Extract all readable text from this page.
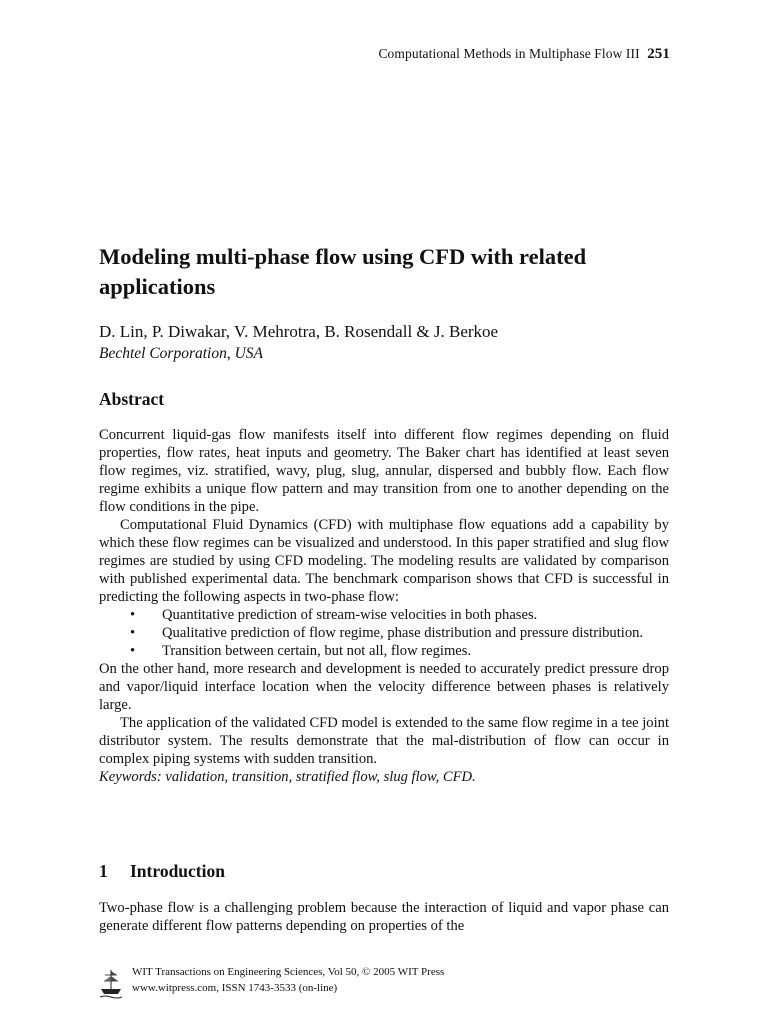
Computational Methods in Multiphase Flow III 251
Modeling multi-phase flow using CFD with related applications
D. Lin, P. Diwakar, V. Mehrotra, B. Rosendall & J. Berkoe
Bechtel Corporation, USA
Abstract

Concurrent liquid-gas flow manifests itself into different flow regimes depending on fluid properties, flow rates, heat inputs and geometry. The Baker chart has identified at least seven flow regimes, viz. stratified, wavy, plug, slug, annular, dispersed and bubbly flow. Each flow regime exhibits a unique flow pattern and may transition from one to another depending on the flow conditions in the pipe.

Computational Fluid Dynamics (CFD) with multiphase flow equations add a capability by which these flow regimes can be visualized and understood. In this paper stratified and slug flow regimes are studied by using CFD modeling. The modeling results are validated by comparison with published experimental data. The benchmark comparison shows that CFD is successful in predicting the following aspects in two-phase flow:

• Quantitative prediction of stream-wise velocities in both phases.
• Qualitative prediction of flow regime, phase distribution and pressure distribution.
• Transition between certain, but not all, flow regimes.

On the other hand, more research and development is needed to accurately predict pressure drop and vapor/liquid interface location when the velocity difference between phases is relatively large.

The application of the validated CFD model is extended to the same flow regime in a tee joint distributor system. The results demonstrate that the mal-distribution of flow can occur in complex piping systems with sudden transition.

Keywords: validation, transition, stratified flow, slug flow, CFD.

1 Introduction

Two-phase flow is a challenging problem because the interaction of liquid and vapor phase can generate different flow patterns depending on properties of the

WIT Transactions on Engineering Sciences, Vol 50, © 2005 WIT Press
www.witpress.com, ISSN 1743-3533 (on-line)
